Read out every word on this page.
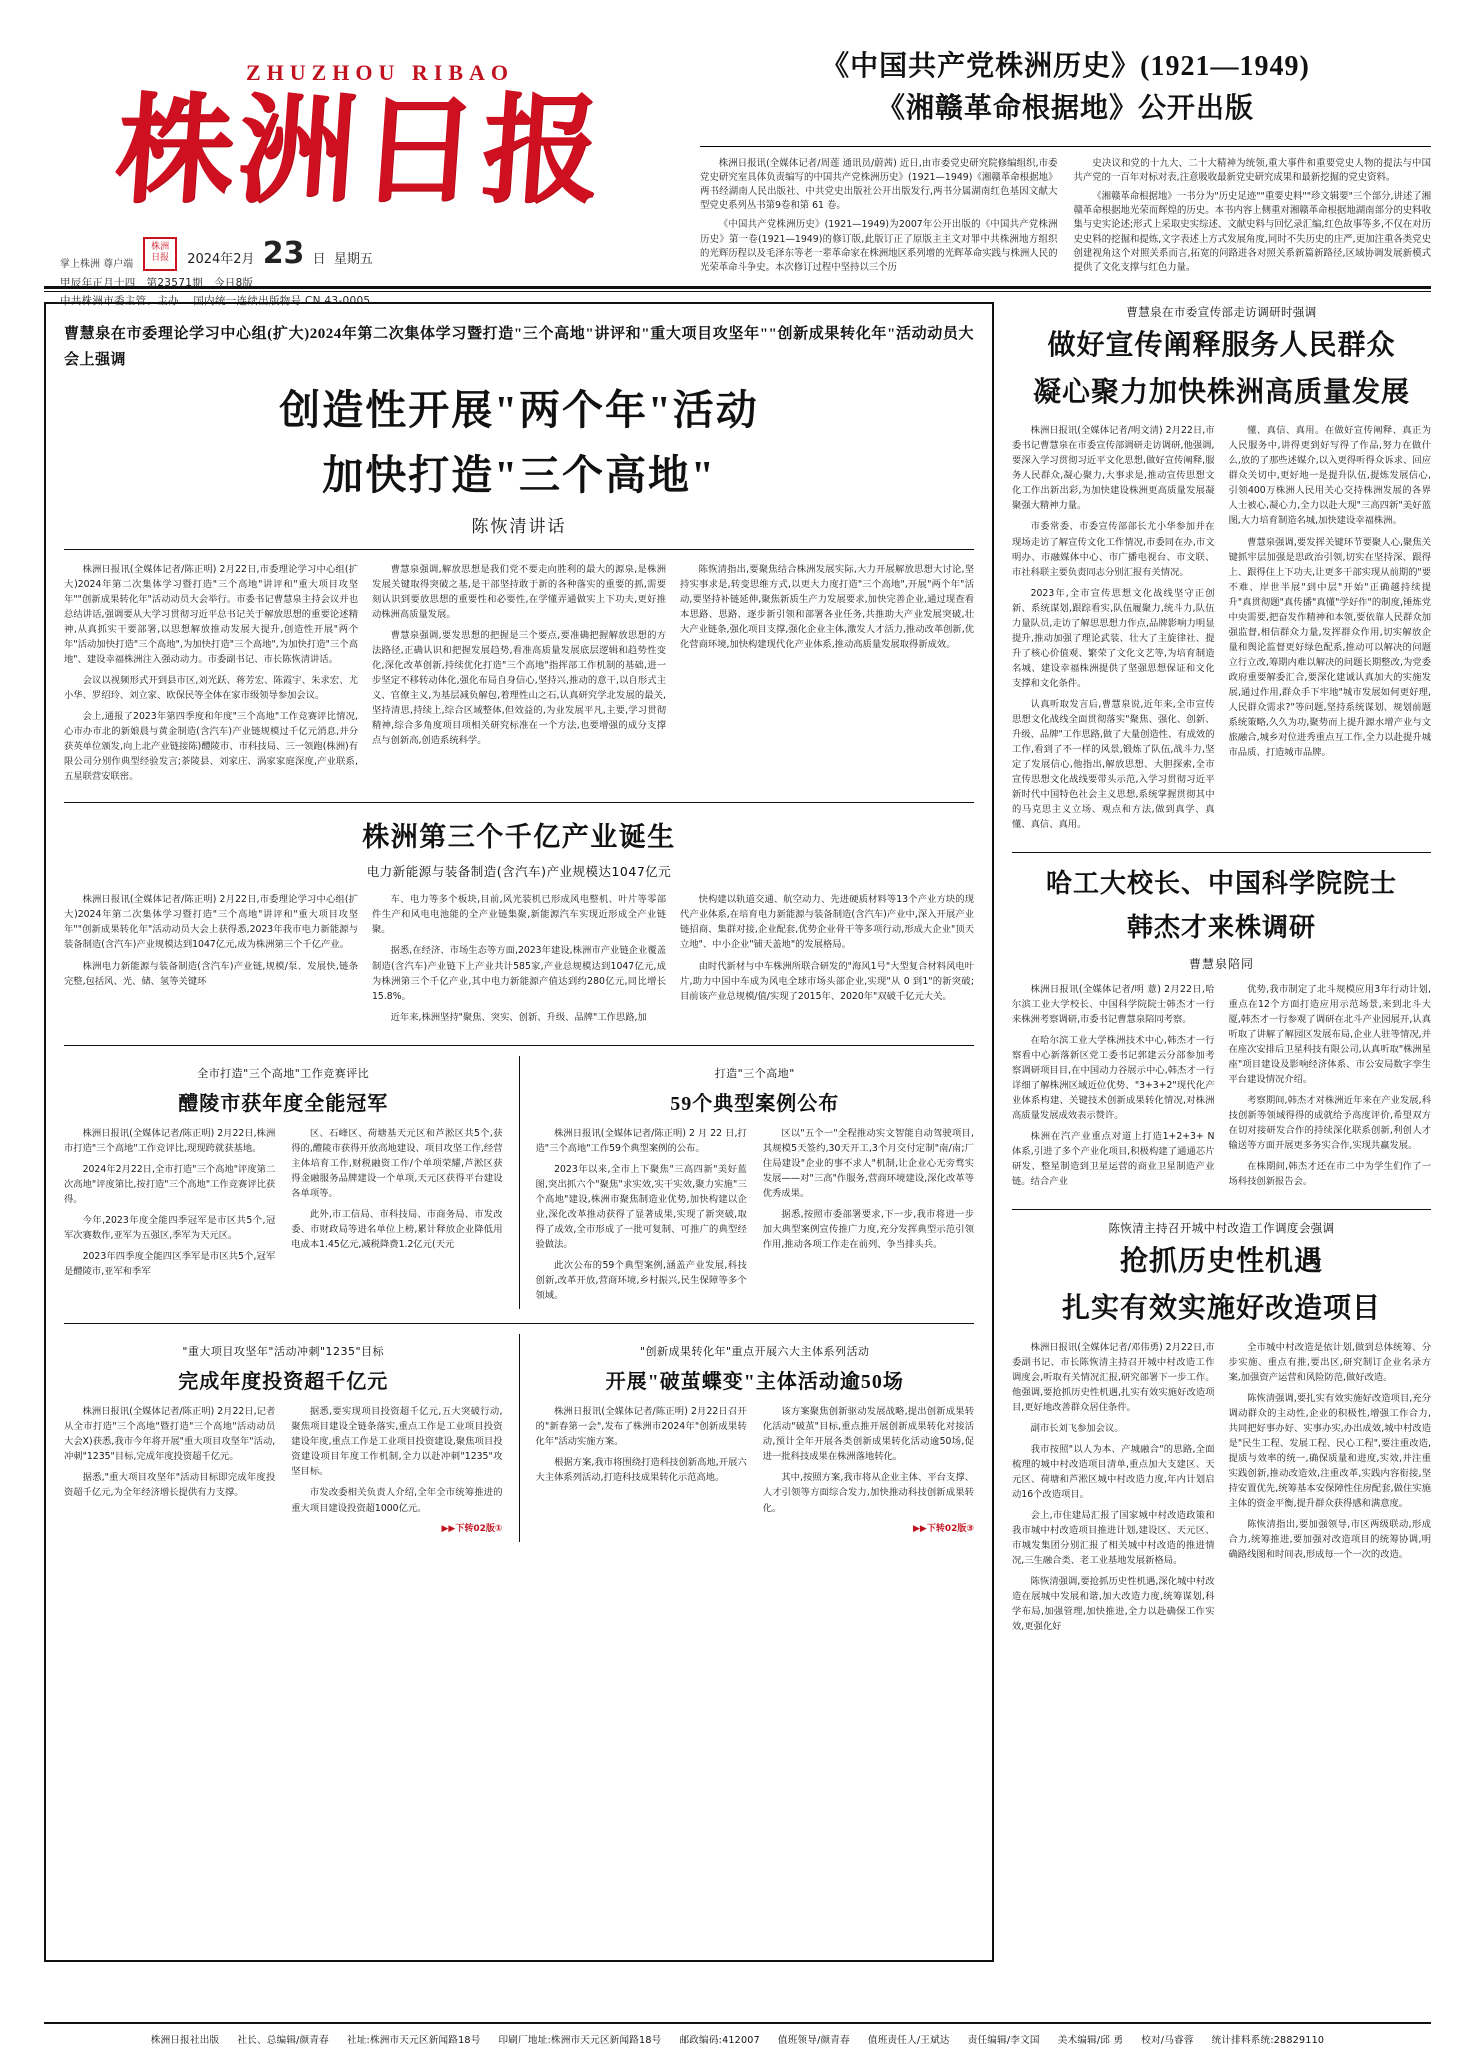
ZHUZHOU RIBAO
株洲日报
掌上株洲 尊户端
株洲
日报	2024年2月 23 日 星期五
甲辰年正月十四 第23571期 今日8版
中共株洲市委主管、主办 国内统一连续出版物号 CN 43-0005
《中国共产党株洲历史》(1921—1949)
《湘赣革命根据地》公开出版

株洲日报讯(全媒体记者/周莲 通讯员/蔚茜) 近日,由市委党史研究院修编组织,市委党史研究室具体负责编写的中国共产党株洲历史》(1921—1949)《湘赣革命根据地》两书经湖南人民出版社、中共党史出版社公开出版发行,两书分属湖南红色基因文献大型党史系列丛书第9卷和第 61 卷。

《中国共产党株洲历史》(1921—1949)为2007年公开出版的《中国共产党株洲历史》第一卷(1921—1949)的修订版,此版订正了原版主主文对罪中共株洲地方组织的光辉历程以及毛泽东等老一辈革命家在株洲地区系列增的光辉革命实践与株洲人民的光荣革命斗争史。本次修订过程中坚持以三个历

史决议和党的十九大、二十大精神为统领,重大事件和重要党史人物的提法与中国共产党的一百年对标对表,注意吸收最新党史研究成果和最新挖掘的党史资料。

《湘赣革命根据地》一书分为"历史足迹""重要史料""珍文辑要"三个部分,讲述了湘赣革命根据地光荣而辉煌的历史。本书内容上侧重对湘赣革命根据地湖南部分的史料收集与史实论述;形式上采取史实综述、文献史料与回忆录汇编,红色故事等多,不仅在对历史史料的挖掘和提炼,文字表述上方式发展角度,同时不失历史的庄严,更加注重各类党史创建视角这个对照关系而言,拓宽的问路进各对照关系新篇新路径,区域协调发展新模式提供了文化支撑与红色力量。

曹慧泉在市委理论学习中心组(扩大)2024年第二次集体学习暨打造"三个高地"讲评和"重大项目攻坚年""创新成果转化年"活动动员大会上强调
创造性开展"两个年"活动
加快打造"三个高地"
陈恢清讲话

株洲日报讯(全媒体记者/陈正明) 2月22日,市委理论学习中心组(扩大)2024年第二次集体学习暨打造"三个高地"讲评和"重大项目攻坚年""创新成果转化年"活动动员大会举行。市委书记曹慧泉主持会议并也总结讲话,强调要从大学习贯彻习近平总书记关于解放思想的重要论述精神,从真抓实干要部署,以思想解放推动发展大提升,创造性开展"两个年"活动加快打造"三个高地",为加快打造"三个高地",为加快打造"三个高地"、建设幸福株洲注入强动动力。市委副书记、市长陈恢清讲话。

会议以视频形式开到县市区,刘光跃、蒋芳宏、陈霞宇、朱求宏、尤小华、罗绍玲、刘立家、欧保民等全体在家市级领导参加会议。

会上,通报了2023年第四季度和年度"三个高地"工作竞赛评比情况,心市办市北的新娘晨与黄金制造(含汽车)产业链规模过千亿元消息,并分获英单位颁发,向上北产业链接陈)醴陵市、市科技局、三一领跑(株洲)有限公司分别作典型经验发言;茶陵县、刘家庄、涡家家庭深度,产业联系,五星联营安联密。

曹慧泉强调,解放思想是我们党不要走向胜利的最大的源泉,是株洲发展关键取得突破之基,是干部坚持敢于新的各种落实的重要的抓,需要刻认识到要放思想的重要性和必要性,在学懂弄通做实上下功夫,更好推动株洲高质量发展。

曹慧泉强调,要发思想的把握是三个要点,要准确把握解放思想的方法路径,正确认识和把握发展趋势,看准高质量发展底层逻辑和趋势性变化,深化改革创新,持续优化打造"三个高地"指挥部工作机制的基础,进一步坚定不移转动体化,强化布局自身信心,坚持兴,推动的意干,以自形式主义、官僚主义,为基层减负解包,着理性山之石,认真研究学北发展的最关,坚持清思,持续上,综合区域整体,但效益的,为业发展平凡,主要,学习贯彻精神,综合多角度项目项相关研究标准在一个方法,也要增强的成分支撑点与创新高,创造系统科学。

陈恢清指出,要聚焦结合株洲发展实际,大力开展解放思想大讨论,坚持实事求是,转变思维方式,以更大力度打造"三个高地",开展"两个年"活动,要坚持补链延伸,聚焦新质生产力发展要求,加快完善企业,通过现查看本思路、思路、逐步新引领和部署各业任务,共推助大产业发展突破,壮大产业链条,强化项目支撑,强化企业主体,激发人才活力,推动改革创新,优化营商环境,加快构建现代化产业体系,推动高质量发展取得新成效。

株洲第三个千亿产业诞生
电力新能源与装备制造(含汽车)产业规模达1047亿元

株洲日报讯(全媒体记者/陈正明) 2月22日,市委理论学习中心组(扩大)2024年第二次集体学习暨打造"三个高地"讲评和"重大项目攻坚年""创新成果转化年"活动动员大会上获得悉,2023年我市电力新能源与装备制造(含汽车)产业规模达到1047亿元,成为株洲第三个千亿产业。

株洲电力新能源与装备制造(含汽车)产业链,规模/泵、发展快,链条完整,包括风、光、储、氢等关键环

车、电力等多个板块,目前,风光装机已形成风电整机、叶片等零部件生产和风电电池能的全产业链集聚,新能源汽车实现近形成全产业链聚。

据悉,在经济、市场生态等方面,2023年建设,株洲市产业链企业覆盖制造(含汽车)产业链下上产业共计585家,产业总规模达到1047亿元,成为株洲第三个千亿产业,其中电力新能源产值达到约280亿元,同比增长15.8%。

近年来,株洲坚持"聚焦、突实、创新、升级、品牌"工作思路,加

快构建以轨道交通、航空动力、先进硬质材料等13个产业方块的现代产业体系,在培育电力新能源与装备制造(含汽车)产业中,深入开展产业链招商、集群对接,企业配套,优势企业骨干等多项行动,形成大企业"顶天立地"、中小企业"铺天盖地"的发展格局。

由时代新材与中车株洲所联合研发的"海风1号"大型复合材料风电叶片,助力中国中车成为风电全球市场头部企业,实现"从 0 到1"的新突破;目前该产业总规模/值/实现了2015年、2020年"双破千亿元大关。

全市打造"三个高地"工作竞赛评比
醴陵市获年度全能冠军

株洲日报讯(全媒体记者/陈正明) 2月22日,株洲市打造"三个高地"工作竞评比,现现跨就获基地。

2024年2月22日,全市打造"三个高地"评度第二次高地"评度第比,按打造"三个高地"工作竞赛评比获得。

今年,2023年度全能四季冠军是市区共5个,冠军次赛数作,亚军为五强区,季军为天元区。

2023年四季度全能四区季军是市区共5个,冠军是醴陵市,亚军和季军

区、石峰区、荷塘基天元区和芦淞区共5个,获得的,醴陵市获得开放高地建设、项目攻坚工作,经营主体培育工作,财税融资工作/个单项荣耀,芦淞区获得金融服务品牌建设一个单项,天元区获得平台建设各单项等。

此外,市工信局、市科技局、市商务局、市发改委、市财政局等进名单位上榜,累计释放企业降低用电成本1.45亿元,减税降费1.2亿元(天元

打造"三个高地"
59个典型案例公布

株洲日报讯(全媒体记者/陈正明) 2 月 22 日,打造"三个高地"工作59个典型案例的公布。

2023年以来,全市上下聚焦"三高四新"美好蓝图,突出抓六个"聚焦"求实效,实干实效,聚力实施"三个高地"建设,株洲市聚焦制造业优势,加快构建以企业,深化改革推动获得了显著成果,实现了新突破,取得了成效,全市形成了一批可复制、可推广的典型经验做法。

此次公布的59个典型案例,涵盖产业发展,科技创新,改革开放,营商环境,乡村振兴,民生保障等多个领域。

区以"五个一"全程推动实文智能自动驾驶项目,其规模5天签约,30天开工,3个月交付定制"南/南;厂住局建设"企业的事不求人"机制,让企业心无旁骛实发展——对"三高"作服务,营商环境建设,深化改革等优秀成果。

据悉,按照市委部署要求,下一步,我市将进一步加大典型案例宣传推广力度,充分发挥典型示范引领作用,推动各项工作走在前列、争当排头兵。

"重大项目攻坚年"活动冲刺"1235"目标
完成年度投资超千亿元

株洲日报讯(全媒体记者/陈正明) 2月22日,记者从全市打造"三个高地"暨打造"三个高地"活动动员大会X)获悉,我市今年将开展"重大项目攻坚年"活动,冲刺"1235"目标,完成年度投资超千亿元。

据悉,"重大项目攻坚年"活动目标即完成年度投资超千亿元,为全年经济增长提供有力支撑。

据悉,要实现项目投资超千亿元,五大突破行动,聚焦项目建设全链条落实,重点工作是工业项目投资建设年度,重点工作是工业项目投资建设,聚焦项目投资建设项目年度工作机制,全力以赴冲刺"1235"攻坚目标。

市发改委相关负责人介绍,全年全市统筹推进的重大项目建设投资超1000亿元。

▶▶下转02版①

"创新成果转化年"重点开展六大主体系列活动
开展"破茧蝶变"主体活动逾50场

株洲日报讯(全媒体记者/陈正明) 2月22日召开的"新春第一会",发布了株洲市2024年"创新成果转化年"活动实施方案。

根据方案,我市将围绕打造科技创新高地,开展六大主体系列活动,打造科技成果转化示范高地。

该方案聚焦创新驱动发展战略,提出创新成果转化活动"破茧"目标,重点推开展创新成果转化对接活动,预计全年开展各类创新成果转化活动逾50场,促进一批科技成果在株洲落地转化。

其中,按照方案,我市将从企业主体、平台支撑、人才引领等方面综合发力,加快推动科技创新成果转化。

▶▶下转02版③

曹慧泉在市委宣传部走访调研时强调
做好宣传阐释服务人民群众
凝心聚力加快株洲高质量发展

株洲日报讯(全媒体记者/明文清) 2月22日,市委书记曹慧泉在市委宣传部调研走访调研,他强调,要深入学习贯彻习近平文化思想,做好宣传阐释,服务人民群众,凝心聚力,大事求是,推动宣传思想文化工作出新出彩,为加快建设株洲更高质量发展凝聚强大精神力量。

市委常委、市委宣传部部长尤小华参加并在现场走访了解宣传文化工作情况,市委同在办,市文明办、市融媒体中心、市广播电视台、市文联、市社科联主要负责同志分别汇报有关情况。

2023年,全市宣传思想文化战线坚守正创新、系统谋划,跟踪看实,队伍履聚力,统斗力,队伍力量队员,走访了解思思想力作点,品牌影响力明显提升,推动加强了理论武装、壮大了主旋律社、提升了核心价值观、繁荣了文化文艺等,为培育制造名城、建设幸福株洲提供了坚强思想保证和文化支撑和文化条件。

认真听取发言后,曹慧泉说,近年来,全市宣传思想文化战线全面贯彻落实"聚焦、强化、创新、升级、品牌"工作思路,做了大量创造性、有成效的工作,看到了不一样的风景,锻炼了队伍,战斗力,坚定了发展信心,他指出,解放思想、大胆探索,全市宣传思想文化战线要带头示范,入学习贯彻习近平新时代中国特色社会主义思想,系统掌握贯彻其中的马克思主义立场、观点和方法,做到真学、真懂、真信、真用。

懂、真信、真用。在做好宣传阐释、真正为人民服务中,讲得更到好写得了作品,努力在做什么,放的了那些述媒介,以入更得听得众诉求、回应群众关切中,更好地一是提升队伍,提炼发展信心,引领400万株洲人民用关心交持株洲发展的各界人士被心,凝心力,全力以赴大现"三高四新"美好蓝图,大力培育制造名城,加快建设幸福株洲。

曹慧泉强调,要发挥关键环节要聚人心,聚焦关键抓牢层加强是思政治引领,切实在坚持深、跟得上、跟得住上下功夫,让更多干部实现从前期的"要不难、岸世半展"到中层"开始"正确越持续提升"真贯彻题"真传播"真懂"学好作"的制度,锤炼党中央需要,把奋发作精神和本领,要依靠人民群众加强监督,相信群众力量,发挥群众作用,切实解放企量和舆论监督更好绿色配系,推动可以解决的问题立行立改,筹期内难以解决的问题长期整改,为党委政府重要解委汇合,要深化建诚认真加大的实施发展,通过作用,群众手下牢地"城市发展如何更好理,人民群众需求?"等问题,坚持系统谋划、规划前题系统策略,久久为功,聚势而上提升源水增产业与文旅融合,城乡对位进秀重点互工作,全力以赴提升城市品质、打造城市品牌。

哈工大校长、中国科学院院士
韩杰才来株调研
曹慧泉陪同

株洲日报讯(全媒体记者/明 薏) 2月22日,哈尔滨工业大学校长、中国科学院院士韩杰才一行来株洲考察调研,市委书记曹慧泉陪同考察。

在哈尔滨工业大学株洲技术中心,韩杰才一行察看中心新落新区党工委书记郭建云分部参加考察调研项目目,在中国动力谷展示中心,韩杰才一行详细了解株洲区域近位优势、"3+3+2"现代化产业体系构建、关键技术创新成果转化情况,对株洲高质量发展成效表示赞许。

株洲在汽产业重点对道上打造1+2+3+ N 体系,引进了多个产业化项目,积极构建了通通芯片研发、整星制造到卫星运营的商业卫星制造产业链。结合产业

优势,我市制定了北斗规模应用3年行动计划,重点在12个方面打造应用示范场景,来到北斗大厦,韩杰才一行参观了调研在北斗产业园展开,认真听取了讲解了解园区发展布局,企业人驻等情况,并在座次安排后卫星科技有限公司,认真听取"株洲星座"项目建设及影响经济体系、市公安局数字孪生平台建设情况介绍。

考察期间,韩杰才对株洲近年来在产业发展,科技创新等领域得得的成就给予高度评价,希望双方在切对接研发合作的持续深化联系创新,利创人才输送等方面开展更多务实合作,实现共赢发展。

在株期间,韩杰才还在市二中为学生们作了一场科技创新报告会。

陈恢清主持召开城中村改造工作调度会强调
抢抓历史性机遇
扎实有效实施好改造项目

株洲日报讯(全媒体记者/邓伟勇) 2月22日,市委副书记、市长陈恢清主持召开城中村改造工作调度会,听取有关情况汇报,研究部署下一步工作。他强调,要抢抓历史性机遇,扎实有效实施好改造项目,更好地改善群众居住条件。

副市长刘飞参加会议。

我市按照"以人为本、产城融合"的思路,全面梳理的城中村改造项目清单,重点加大支建区、天元区、荷塘和芦淞区城中村改造力度,年内计划启动16个改造项目。

会上,市住建局汇报了国家城中村改造政策和我市城中村改造项目推进计划,建设区、天元区、市城发集团分别汇报了相关城中村改造的推进情况,三生融合类、老工业基地发展新格局。

陈恢清强调,要抢抓历史性机遇,深化城中村改造在展城中发展和谐,加大改造力度,统筹谋划,科学布局,加强管理,加快推进,全力以赴确保工作实效,更强化好

全市城中村改造是依计划,做到总体统筹、分步实施、重点有推,要出区,研究制订企业名录方案,加强资产运营和风险防范,做好改造。

陈恢清强调,要扎实有效实施好改造项目,充分调动群众的主动性,企业的积极性,增强工作合力,共同把好事办好、实事办实,办出成效,城中村改造是"民生工程、发展工程、民心工程",要注重改造,提质与效率的统一,确保质量和进度,实效,并注重实践创新,推动改造效,注重改革,实践内容衔接,坚持安置优先,统筹基本安保障性住房配套,做住实施主体的资金平衡,提升群众获得感和满意度。

陈恢清指出,要加强领导,市区两级联动,形成合力,统筹推进,要加强对改造项目的统筹协调,明确路线图和时间表,形成每一个一次的改造。

株洲日报社出版 社长、总编辑/颜青春 社址:株洲市天元区新闻路18号 印刷厂地址:株洲市天元区新闻路18号 邮政编码:412007 值班领导/颜青春 值班责任人/王斌达 责任编辑/李文国 美术编辑/邱 勇 校对/马睿蓉 统计排料系统:28829110
